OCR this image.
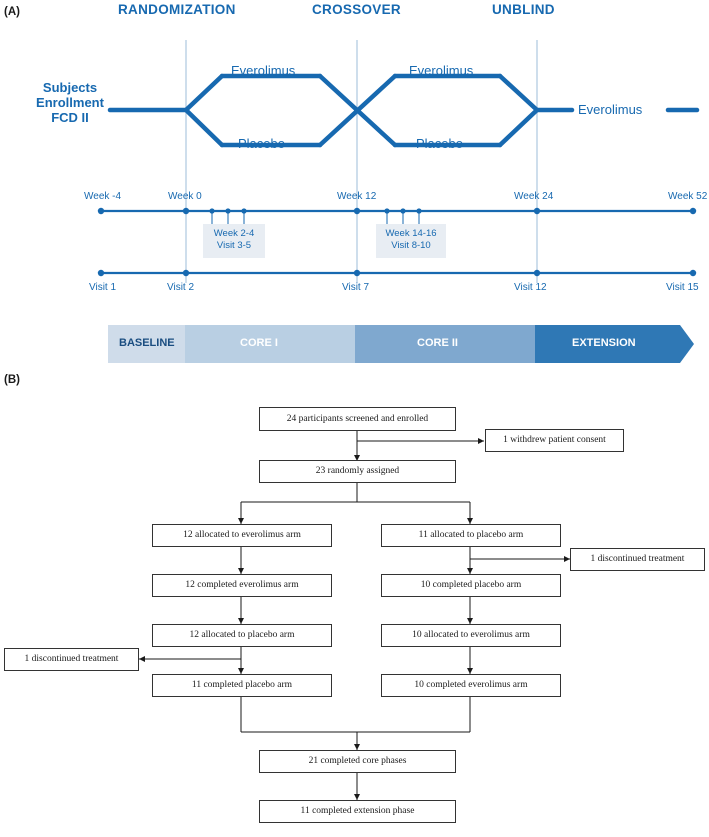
(A)	RANDOMIZATION	CROSSOVER	UNBLIND
Subjects
Enrollment
FCD II
Everolimus
Placebo
Everolimus
Placebo
Everolimus
Week -4	Week 0	Week 12	Week 24	Week 52
Week 2-4
Visit 3-5
Week 14-16
Visit 8-10
Visit 1	Visit 2	Visit 7	Visit 12	Visit 15
BASELINE	CORE I	CORE II	EXTENSION
(B)
24 participants screened and enrolled
1 withdrew patient consent
23 randomly assigned
12 allocated to everolimus arm	11 allocated to placebo arm
1 discontinued treatment
12 completed everolimus arm	10 completed placebo arm
12 allocated to placebo arm	10 allocated to everolimus arm
1 discontinued treatment
11 completed placebo arm	10 completed everolimus arm
21 completed core phases
11 completed extension phase
